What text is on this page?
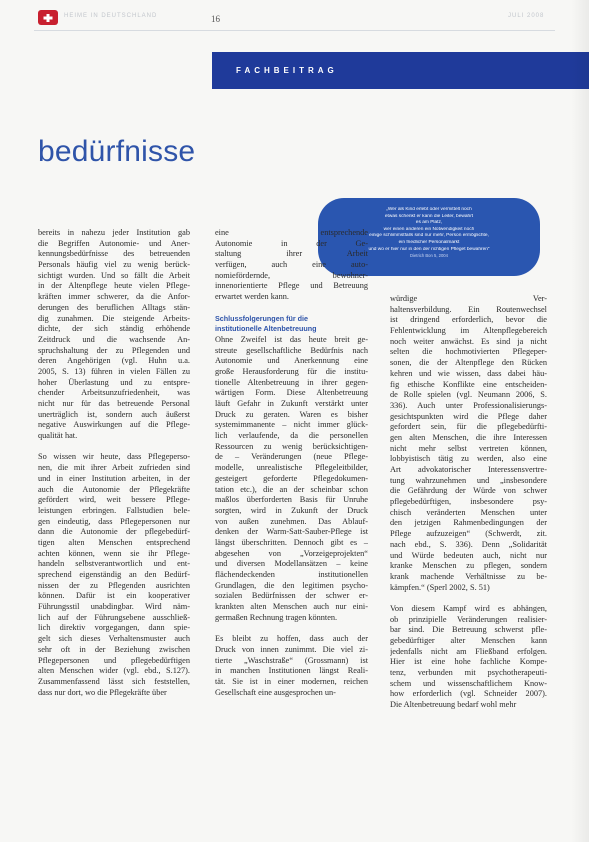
HEIME IN DEUTSCHLAND	16	JULI 2008
FACHBEITRAG
bedürfnisse
„Wer als Kind erlebt oder vermittelt noch
etwas schenkt er kann die Leiter, bewahrt
es am Platz,
wer einen anderen ein Notwendigkeit noch
einige schlimmstfalls sind nur mehr, Person ermöglichte,
ein friedlicher Personalmarkt
und wo er hier nur in den der richtigen Pfleget bewahren“
Dietrich Bon 5, 2004
bereits in nahezu jeder Institution gab
die Begriffen Autonomie- und Aner-
kennungsbedürfnisse des betreuenden
Personals häufig viel zu wenig berück-
sichtigt wurden. Und so fällt die Arbeit
in der Altenpflege heute vielen Pflege-
kräften immer schwerer, da die Anfor-
derungen des beruflichen Alltags stän-
dig zunahmen. Die steigende Arbeits-
dichte, der sich ständig erhöhende
Zeitdruck und die wachsende An-
spruchshaltung der zu Pflegenden und
deren Angehörigen (vgl. Huhn u.a.
2005, S. 13) führen in vielen Fällen zu
hoher Überlastung und zu entspre-
chender Arbeitsunzufriedenheit, was
nicht nur für das betreuende Personal
unerträglich ist, sondern auch äußerst
negative Auswirkungen auf die Pflege-
qualität hat.
So wissen wir heute, dass Pflegeperso-
nen, die mit ihrer Arbeit zufrieden sind
und in einer Institution arbeiten, in der
auch die Autonomie der Pflegekräfte
gefördert wird, weit bessere Pflege-
leistungen erbringen. Fallstudien bele-
gen eindeutig, dass Pflegepersonen nur
dann die Autonomie der pflegebedürf-
tigen alten Menschen entsprechend
achten können, wenn sie ihr Pflege-
handeln selbstverantwortlich und ent-
sprechend eigenständig an den Bedürf-
nissen der zu Pflegenden ausrichten
können. Dafür ist ein kooperativer
Führungsstil unabdingbar. Wird näm-
lich auf der Führungsebene ausschließ-
lich direktiv vorgegangen, dann spie-
gelt sich dieses Verhaltensmuster auch
sehr oft in der Beziehung zwischen
Pflegepersonen und pflegebedürftigen
alten Menschen wider (vgl. ebd., S.127).
Zusammenfassend lässt sich feststellen,
dass nur dort, wo die Pflegekräfte über
eine entsprechende
Autonomie in der Ge-
staltung ihrer Arbeit
verfügen, auch eine auto-
nomiefördernde, bewohner-
innenorientierte Pflege und Betreuung
erwartet werden kann.
Schlussfolgerungen für die
institutionelle Altenbetreuung
Ohne Zweifel ist das heute breit ge-
streute gesellschaftliche Bedürfnis nach
Autonomie und Anerkennung eine
große Herausforderung für die institu-
tionelle Altenbetreuung in ihrer gegen-
wärtigen Form. Diese Altenbetreuung
läuft Gefahr in Zukunft verstärkt unter
Druck zu geraten. Waren es bisher
systemimmanente – nicht immer glück-
lich verlaufende, da die personellen
Ressourcen zu wenig berücksichtigen-
de – Veränderungen (neue Pflege-
modelle, unrealistische Pflegeleitbilder,
gesteigert geforderte Pflegedokumen-
tation etc.), die an der scheinbar schon
maßlos überforderten Basis für Unruhe
sorgten, wird in Zukunft der Druck
von außen zunehmen. Das Ablauf-
denken der Warm-Satt-Sauber-Pflege ist
längst überschritten. Dennoch gibt es –
abgesehen von „Vorzeigeprojekten“
und diversen Modellansätzen – keine
flächendeckenden institutionellen
Grundlagen, die den legitimen psycho-
sozialen Bedürfnissen der schwer er-
krankten alten Menschen auch nur eini-
germaßen Rechnung tragen könnten.
Es bleibt zu hoffen, dass auch der
Druck von innen zunimmt. Die viel zi-
tierte „Waschstraße“ (Grossmann) ist
in manchen Institutionen längst Reali-
tät. Sie ist in einer modernen, reichen
Gesellschaft eine ausgesprochen un-
würdige Ver-
haltensverbildung. Ein Routenwechsel
ist dringend erforderlich, bevor die
Fehlentwicklung im Altenpflegebereich
noch weiter anwächst. Es sind ja nicht
selten die hochmotivierten Pflegeper-
sonen, die der Altenpflege den Rücken
kehren und wie wissen, dass dabei häu-
fig ethische Konflikte eine entscheiden-
de Rolle spielen (vgl. Neumann 2006, S.
336). Auch unter Professionalisierungs-
gesichtspunkten wird die Pflege daher
gefordert sein, für die pflegebedürfti-
gen alten Menschen, die ihre Interessen
nicht mehr selbst vertreten können,
lobbyistisch tätig zu werden, also eine
Art advokatorischer Interessensvertre-
tung wahrzunehmen und „insbesondere
die Gefährdung der Würde von schwer
pflegebedürftigen, insbesondere psy-
chisch veränderten Menschen unter
den jetzigen Rahmenbedingungen der
Pflege aufzuzeigen“ (Schwerdt, zit.
nach ebd., S. 336). Denn „Solidarität
und Würde bedeuten auch, nicht nur
kranke Menschen zu pflegen, sondern
krank machende Verhältnisse zu be-
kämpfen.“ (Sperl 2002, S. 51)
Von diesem Kampf wird es abhängen,
ob prinzipielle Veränderungen realisier-
bar sind. Die Betreuung schwerst pfle-
gebedürftiger alter Menschen kann
jedenfalls nicht am Fließband erfolgen.
Hier ist eine hohe fachliche Kompe-
tenz, verbunden mit psychotherapeuti-
schem und wissenschaftlichem Know-
how erforderlich (vgl. Schneider 2007).
Die Altenbetreuung bedarf wohl mehr
